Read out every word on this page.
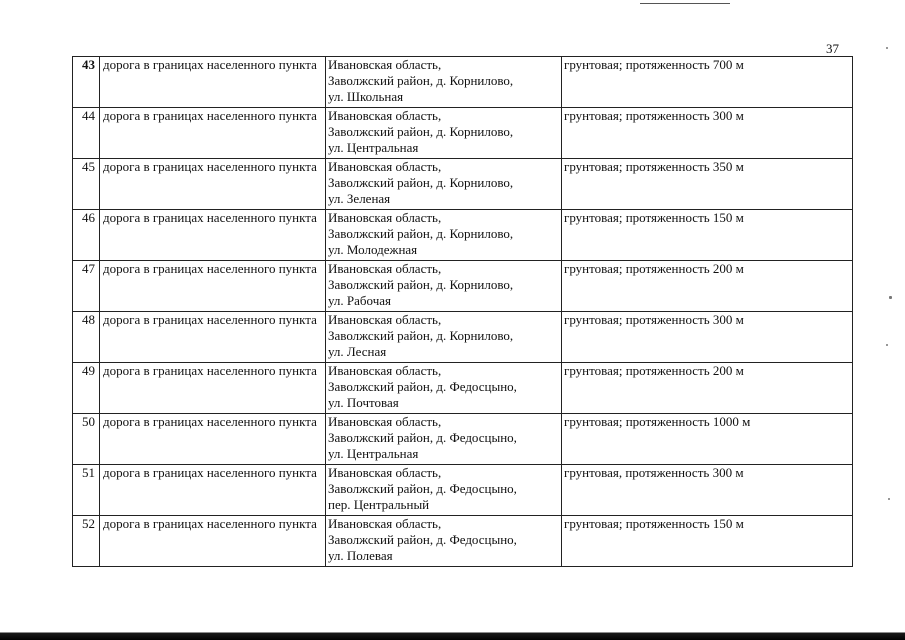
37
43	дорога в границах населенного пункта	Ивановская область,
Заволжский район, д. Корнилово,
ул. Школьная	грунтовая; протяженность 700 м
44	дорога в границах населенного пункта	Ивановская область,
Заволжский район, д. Корнилово,
ул. Центральная	грунтовая; протяженность 300 м
45	дорога в границах населенного пункта	Ивановская область,
Заволжский район, д. Корнилово,
ул. Зеленая	грунтовая; протяженность 350 м
46	дорога в границах населенного пункта	Ивановская область,
Заволжский район, д. Корнилово,
ул. Молодежная	грунтовая; протяженность 150 м
47	дорога в границах населенного пункта	Ивановская область,
Заволжский район, д. Корнилово,
ул. Рабочая	грунтовая; протяженность 200 м
48	дорога в границах населенного пункта	Ивановская область,
Заволжский район, д. Корнилово,
ул. Лесная	грунтовая; протяженность 300 м
49	дорога в границах населенного пункта	Ивановская область,
Заволжский район, д. Федосцыно,
ул. Почтовая	грунтовая; протяженность 200 м
50	дорога в границах населенного пункта	Ивановская область,
Заволжский район, д. Федосцыно,
ул. Центральная	грунтовая; протяженность 1000 м
51	дорога в границах населенного пункта	Ивановская область,
Заволжский район, д. Федосцыно,
пер. Центральный	грунтовая, протяженность 300 м
52	дорога в границах населенного пункта	Ивановская область,
Заволжский район, д. Федосцыно,
ул. Полевая	грунтовая; протяженность 150 м
